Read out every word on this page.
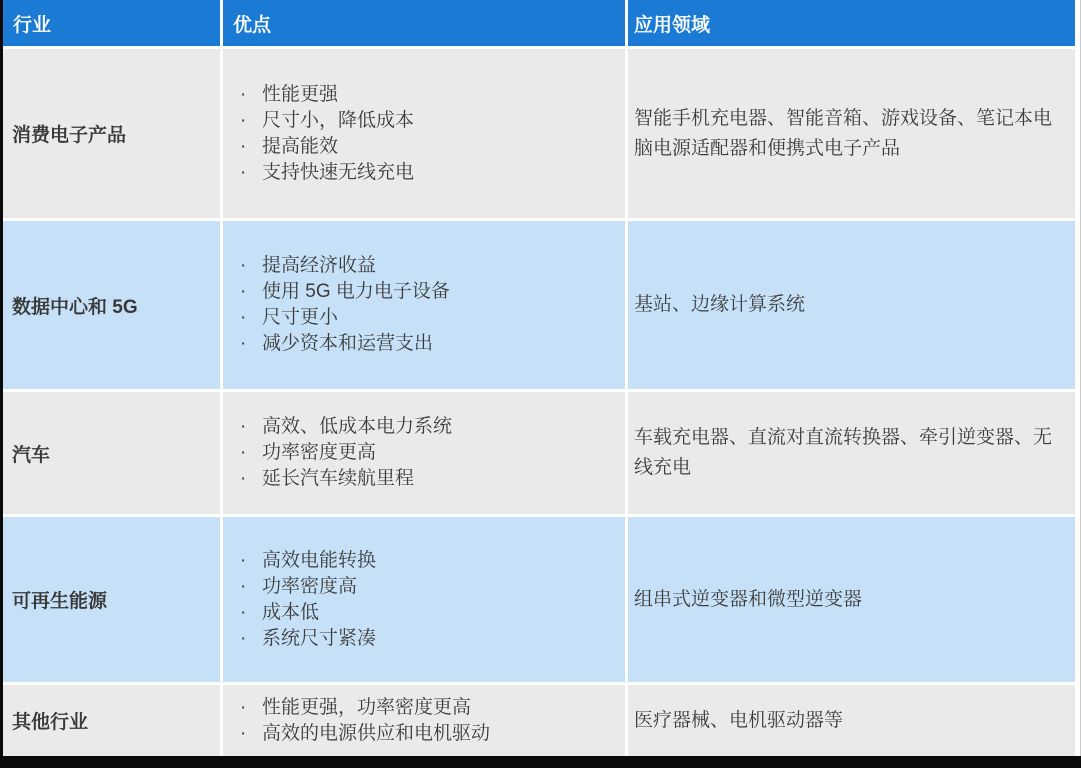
行业	优点	应用领域
消费电子产品
· 性能更强
· 尺寸小，降低成本
· 提高能效
· 支持快速无线充电
智能手机充电器、智能音箱、游戏设备、笔记本电脑电源适配器和便携式电子产品
数据中心和 5G
· 提高经济收益
· 使用 5G 电力电子设备
· 尺寸更小
· 减少资本和运营支出
基站、边缘计算系统
汽车
· 高效、低成本电力系统
· 功率密度更高
· 延长汽车续航里程
车载充电器、直流对直流转换器、牵引逆变器、无线充电
可再生能源
· 高效电能转换
· 功率密度高
· 成本低
· 系统尺寸紧凑
组串式逆变器和微型逆变器
其他行业
· 性能更强，功率密度更高
· 高效的电源供应和电机驱动
医疗器械、电机驱动器等
